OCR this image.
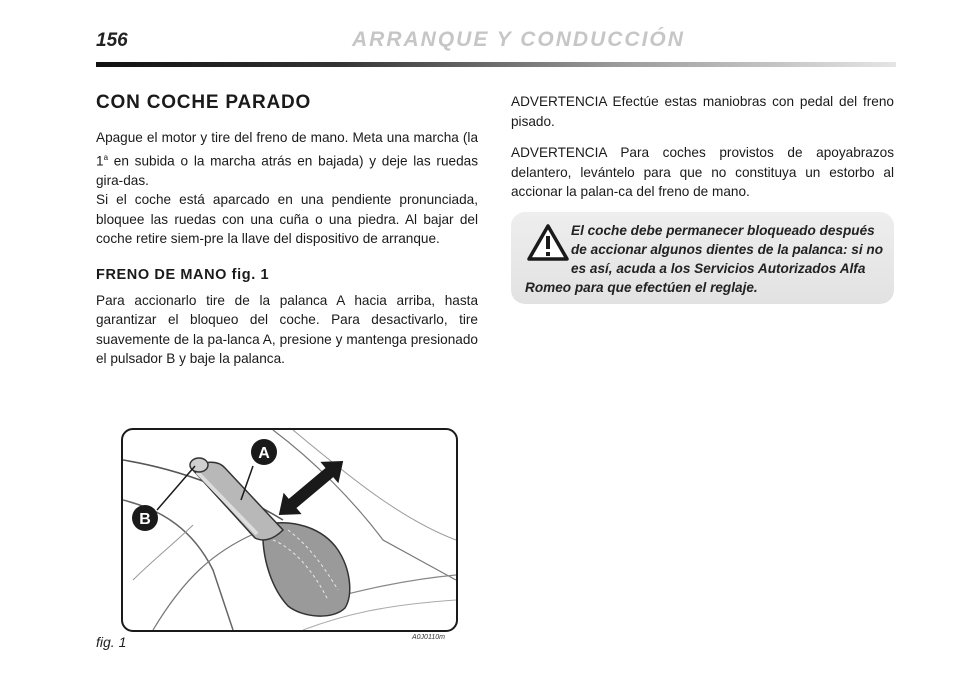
156	ARRANQUE Y CONDUCCIÓN
CON COCHE PARADO

Apague el motor y tire del freno de mano. Meta una marcha (la 1$^a$ en subida o la marcha atrás en bajada) y deje las ruedas gira-das.

Si el coche está aparcado en una pendiente pronunciada, bloquee las ruedas con una cuña o una piedra. Al bajar del coche retire siem-pre la llave del dispositivo de arranque.

FRENO DE MANO fig. 1

Para accionarlo tire de la palanca A hacia arriba, hasta garantizar el bloqueo del coche. Para desactivarlo, tire suavemente de la pa-lanca A, presione y mantenga presionado el pulsador B y baje la palanca.

ADVERTENCIA Efectúe estas maniobras con pedal del freno pisado.

ADVERTENCIA Para coches provistos de apoyabrazos delantero, levántelo para que no constituya un estorbo al accionar la palan-ca del freno de mano.

El coche debe permanecer bloqueado después de accionar algunos dientes de la palanca: si no es así, acuda a los Servicios Autorizados Alfa Romeo para que efectúen el reglaje.
A
B
fig. 1	A0J0110m
